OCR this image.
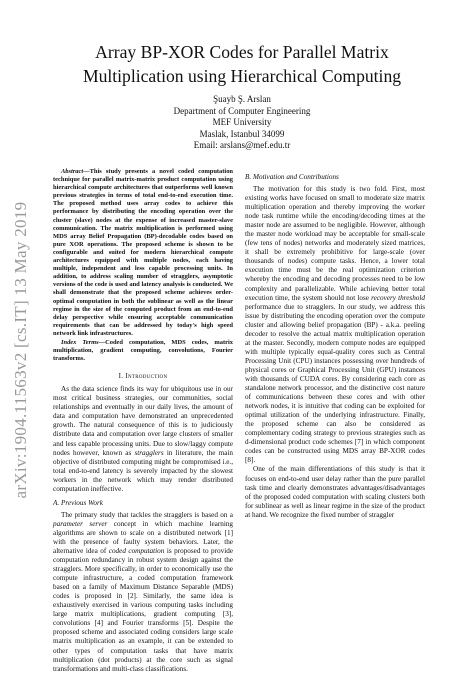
arXiv:1904.11563v2 [cs.IT] 13 May 2019
Array BP-XOR Codes for Parallel Matrix
Multiplication using Hierarchical Computing
Şuayb Ş. Arslan
Department of Computer Engineering
MEF University
Maslak, Istanbul 34099
Email: arslans@mef.edu.tr

Abstract—This study presents a novel coded computation technique for parallel matrix-matrix product computation using hierarchical compute architectures that outperforms well known previous strategies in terms of total end-to-end execution time. The proposed method uses array codes to achieve this performance by distributing the encoding operation over the cluster (slave) nodes at the expense of increased master-slave communication. The matrix multiplication is performed using MDS array Belief Propagation (BP)-decodable codes based on pure XOR operations. The proposed scheme is shown to be configurable and suited for modern hierarchical compute architectures equipped with multiple nodes, each having multiple, independent and less capable processing units. In addition, to address scaling number of stragglers, asymptotic versions of the code is used and latency analysis is conducted. We shall demonstrate that the proposed scheme achieves order-optimal computation in both the sublinear as well as the linear regime in the size of the computed product from an end-to-end delay perspective while ensuring acceptable communication requirements that can be addressed by today's high speed network link infrastructures.

Index Terms—Coded computation, MDS codes, matrix multiplication, gradient computing, convolutions, Fourier transforms.

I. Introduction

As the data science finds its way for ubiquitous use in our most critical business strategies, our communities, social relationships and eventually in our daily lives, the amount of data and computation have demonstrated an unprecedented growth. The natural consequence of this is to judiciously distribute data and computation over large clusters of smaller and less capable processing units. Due to slow/laggy compute nodes however, known as stragglers in literature, the main objective of distributed computing might be compromised i.e., total end-to-end latency is severely impacted by the slowest workers in the network which may render distributed computation ineffective.

A. Previous Work

The primary study that tackles the stragglers is based on a parameter server concept in which machine learning algorithms are shown to scale on a distributed network [1] with the presence of faulty system behaviors. Later, the alternative idea of coded computation is proposed to provide computation redundancy in robust system design against the stragglers. More specifically, in order to economically use the compute infrastructure, a coded computation framework based on a family of Maximum Distance Separable (MDS) codes is proposed in [2]. Similarly, the same idea is exhaustively exercised in various computing tasks including large matrix multiplications, gradient computing [3], convolutions [4] and Fourier transforms [5]. Despite the proposed scheme and associated coding considers large scale matrix multiplication as an example, it can be extended to other types of computation tasks that have matrix multiplication (dot products) at the core such as signal transformations and multi-class classifications.

B. Motivation and Contributions

The motivation for this study is two fold. First, most existing works have focused on small to moderate size matrix multiplication operation and thereby improving the worker node task runtime while the encoding/decoding times at the master node are assumed to be negligible. However, although the master node workload may be acceptable for small-scale (few tens of nodes) networks and moderately sized matrices, it shall be extremely prohibitive for large-scale (over thousands of nodes) compute tasks. Hence, a lower total execution time must be the real optimization criterion whereby the encoding and decoding processes need to be low complexity and parallelizable. While achieving better total execution time, the system should not lose recovery threshold performance due to stragglers. In our study, we address this issue by distributing the encoding operation over the compute cluster and allowing belief propagation (BP) - a.k.a. peeling decoder to resolve the actual matrix multiplication operation at the master. Secondly, modern compute nodes are equipped with multiple typically equal-quality cores such as Central Processing Unit (CPU) instances possessing over hundreds of physical cores or Graphical Processing Unit (GPU) instances with thousands of CUDA cores. By considering each core as standalone network processor, and the distinctive cost nature of communications between these cores and with other network nodes, it is intuitive that coding can be exploited for optimal utilization of the underlying infrastructure. Finally, the proposed scheme can also be considered as complementary coding strategy to previous strategies such as d-dimensional product code schemes [7] in which component codes can be constructed using MDS array BP-XOR codes [8].

One of the main differentiations of this study is that it focuses on end-to-end user delay rather than the pure parallel task time and clearly demonstrates advantages/disadvantages of the proposed coded computation with scaling clusters both for sublinear as well as linear regime in the size of the product at hand. We recognize the fixed number of straggler
